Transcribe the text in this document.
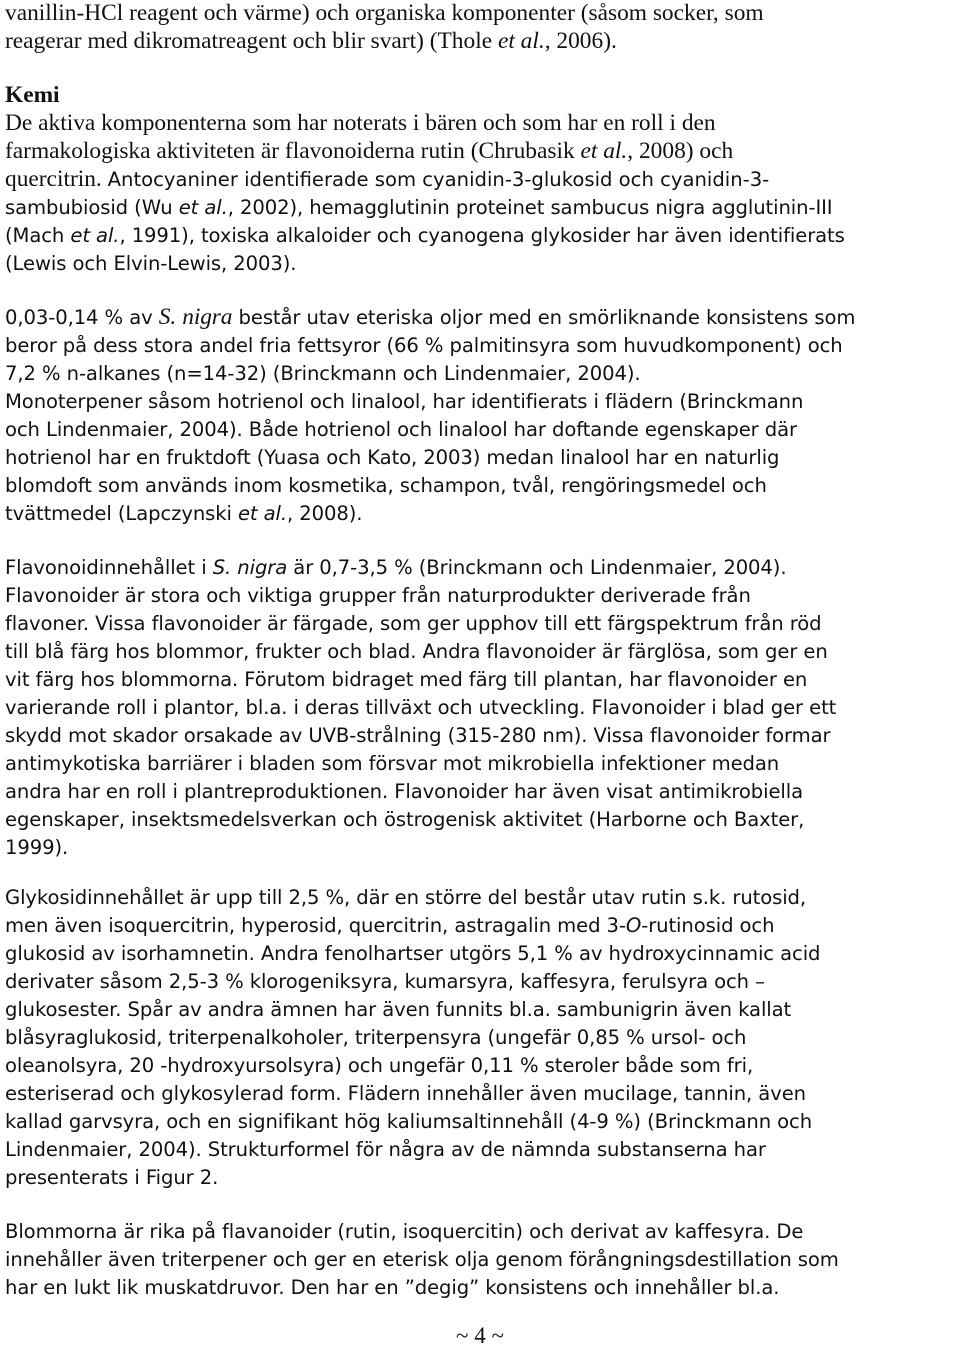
vanillin-HCl reagent och värme) och organiska komponenter (såsom socker, som
reagerar med dikromatreagent och blir svart) (Thole et al., 2006).
Kemi
De aktiva komponenterna som har noterats i bären och som har en roll i den
farmakologiska aktiviteten är flavonoiderna rutin (Chrubasik et al., 2008) och
quercitrin. Antocyaniner identifierade som cyanidin-3-glukosid och cyanidin-3-
sambubiosid (Wu et al., 2002), hemagglutinin proteinet sambucus nigra agglutinin-III
(Mach et al., 1991), toxiska alkaloider och cyanogena glykosider har även identifierats
(Lewis och Elvin-Lewis, 2003).
0,03-0,14 % av S. nigra består utav eteriska oljor med en smörliknande konsistens som
beror på dess stora andel fria fettsyror (66 % palmitinsyra som huvudkomponent) och
7,2 % n-alkanes (n=14-32) (Brinckmann och Lindenmaier, 2004).
Monoterpener såsom hotrienol och linalool, har identifierats i flädern (Brinckmann
och Lindenmaier, 2004). Både hotrienol och linalool har doftande egenskaper där
hotrienol har en fruktdoft (Yuasa och Kato, 2003) medan linalool har en naturlig
blomdoft som används inom kosmetika, schampon, tvål, rengöringsmedel och
tvättmedel (Lapczynski et al., 2008).
Flavonoidinnehållet i S. nigra är 0,7-3,5 % (Brinckmann och Lindenmaier, 2004).
Flavonoider är stora och viktiga grupper från naturprodukter deriverade från
flavoner. Vissa flavonoider är färgade, som ger upphov till ett färgspektrum från röd
till blå färg hos blommor, frukter och blad. Andra flavonoider är färglösa, som ger en
vit färg hos blommorna. Förutom bidraget med färg till plantan, har flavonoider en
varierande roll i plantor, bl.a. i deras tillväxt och utveckling. Flavonoider i blad ger ett
skydd mot skador orsakade av UVB-strålning (315-280 nm). Vissa flavonoider formar
antimykotiska barriärer i bladen som försvar mot mikrobiella infektioner medan
andra har en roll i plantreproduktionen. Flavonoider har även visat antimikrobiella
egenskaper, insektsmedelsverkan och östrogenisk aktivitet (Harborne och Baxter,
1999).
Glykosidinnehållet är upp till 2,5 %, där en större del består utav rutin s.k. rutosid,
men även isoquercitrin, hyperosid, quercitrin, astragalin med 3-O-rutinosid och
glukosid av isorhamnetin. Andra fenolhartser utgörs 5,1 % av hydroxycinnamic acid
derivater såsom 2,5-3 % klorogeniksyra, kumarsyra, kaffesyra, ferulsyra och –
glukosester. Spår av andra ämnen har även funnits bl.a. sambunigrin även kallat
blåsyraglukosid, triterpenalkoholer, triterpensyra (ungefär 0,85 % ursol- och
oleanolsyra, 20 -hydroxyursolsyra) och ungefär 0,11 % steroler både som fri,
esteriserad och glykosylerad form. Flädern innehåller även mucilage, tannin, även
kallad garvsyra, och en signifikant hög kaliumsaltinnehåll (4-9 %) (Brinckmann och
Lindenmaier, 2004). Strukturformel för några av de nämnda substanserna har
presenterats i Figur 2.
Blommorna är rika på flavanoider (rutin, isoquercitin) och derivat av kaffesyra. De
innehåller även triterpener och ger en eterisk olja genom förångningsdestillation som
har en lukt lik muskatdruvor. Den har en ”degig” konsistens och innehåller bl.a.
~ 4 ~
